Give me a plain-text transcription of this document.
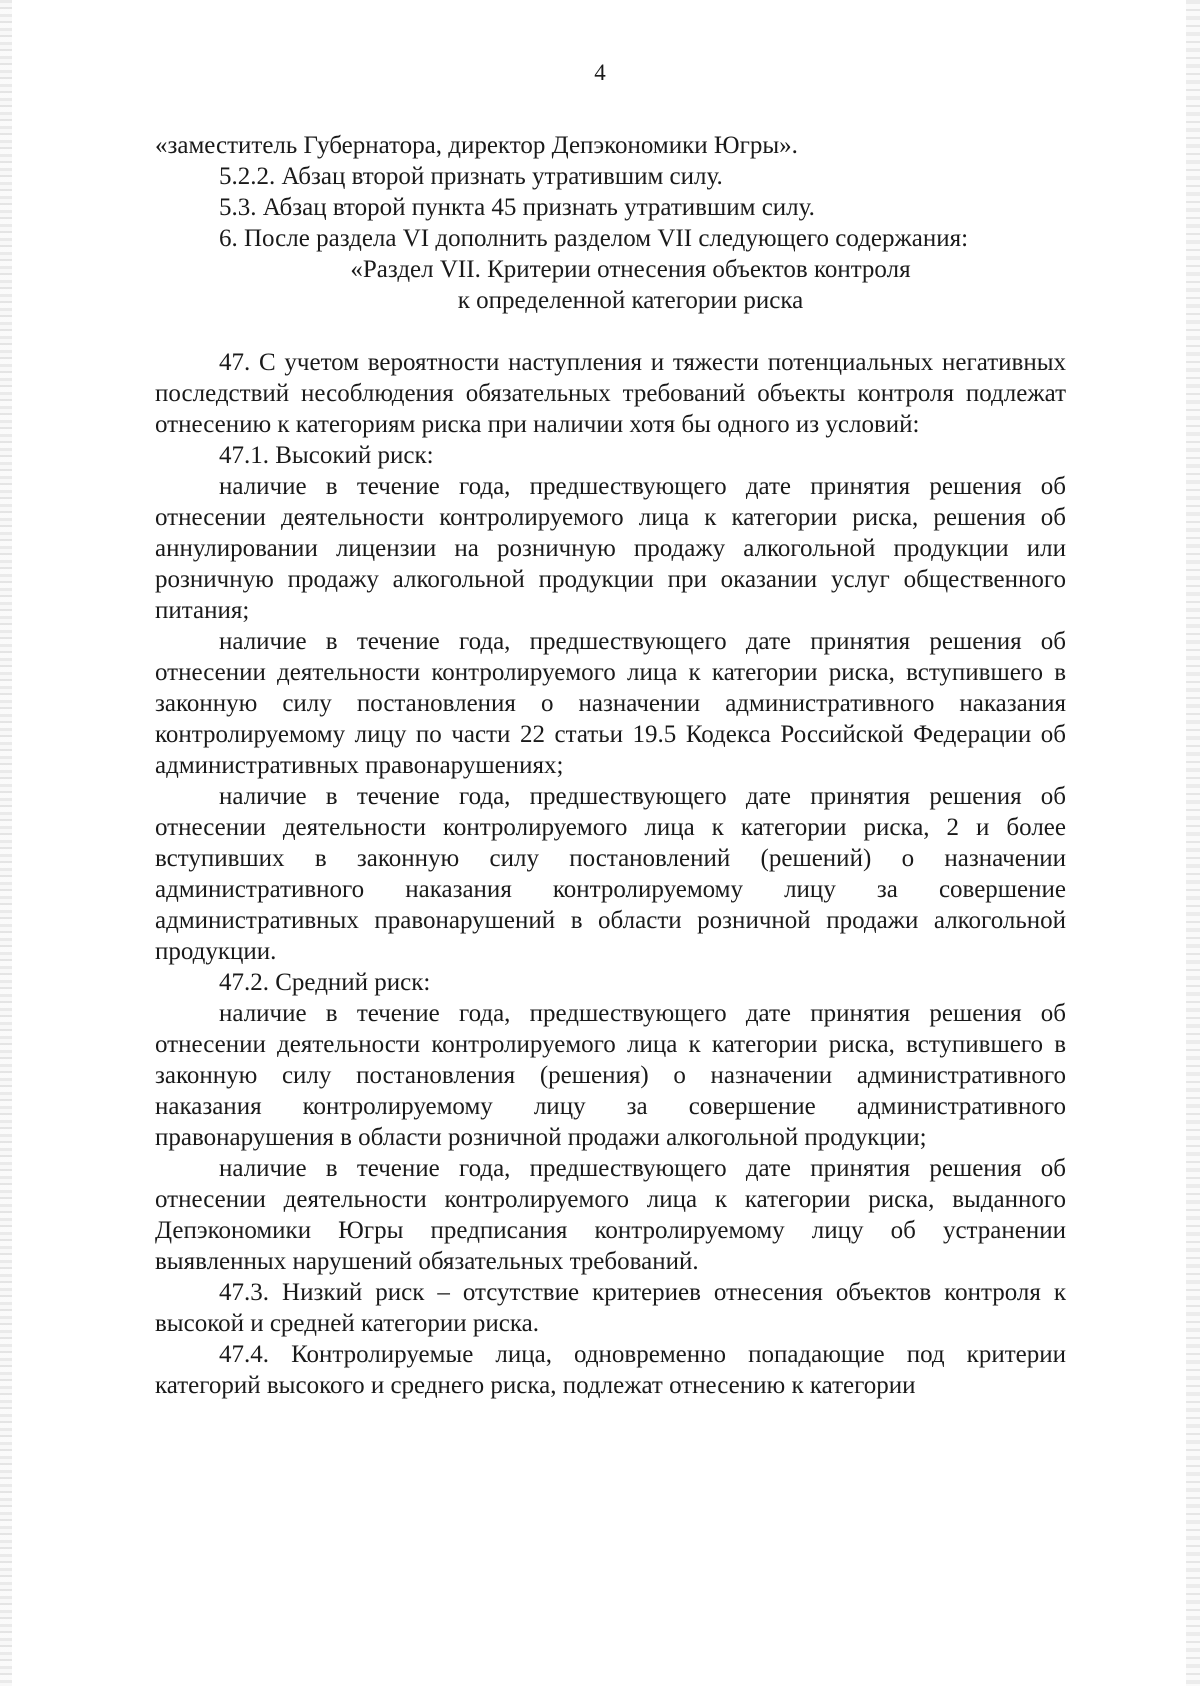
4

«заместитель Губернатора, директор Депэкономики Югры».

5.2.2. Абзац второй признать утратившим силу.

5.3. Абзац второй пункта 45 признать утратившим силу.

6. После раздела VI дополнить разделом VII следующего содержания:

«Раздел VII. Критерии отнесения объектов контроля

к определенной категории риска

47. С учетом вероятности наступления и тяжести потенциальных негативных последствий несоблюдения обязательных требований объекты контроля подлежат отнесению к категориям риска при наличии хотя бы одного из условий:

47.1. Высокий риск:

наличие в течение года, предшествующего дате принятия решения об отнесении деятельности контролируемого лица к категории риска, решения об аннулировании лицензии на розничную продажу алкогольной продукции или розничную продажу алкогольной продукции при оказании услуг общественного питания;

наличие в течение года, предшествующего дате принятия решения об отнесении деятельности контролируемого лица к категории риска, вступившего в законную силу постановления о назначении административного наказания контролируемому лицу по части 22 статьи 19.5 Кодекса Российской Федерации об административных правонарушениях;

наличие в течение года, предшествующего дате принятия решения об отнесении деятельности контролируемого лица к категории риска, 2 и более вступивших в законную силу постановлений (решений) о назначении административного наказания контролируемому лицу за совершение административных правонарушений в области розничной продажи алкогольной продукции.

47.2. Средний риск:

наличие в течение года, предшествующего дате принятия решения об отнесении деятельности контролируемого лица к категории риска, вступившего в законную силу постановления (решения) о назначении административного наказания контролируемому лицу за совершение административного правонарушения в области розничной продажи алкогольной продукции;

наличие в течение года, предшествующего дате принятия решения об отнесении деятельности контролируемого лица к категории риска, выданного Депэкономики Югры предписания контролируемому лицу об устранении выявленных нарушений обязательных требований.

47.3. Низкий риск – отсутствие критериев отнесения объектов контроля к высокой и средней категории риска.

47.4. Контролируемые лица, одновременно попадающие под критерии категорий высокого и среднего риска, подлежат отнесению к категории
